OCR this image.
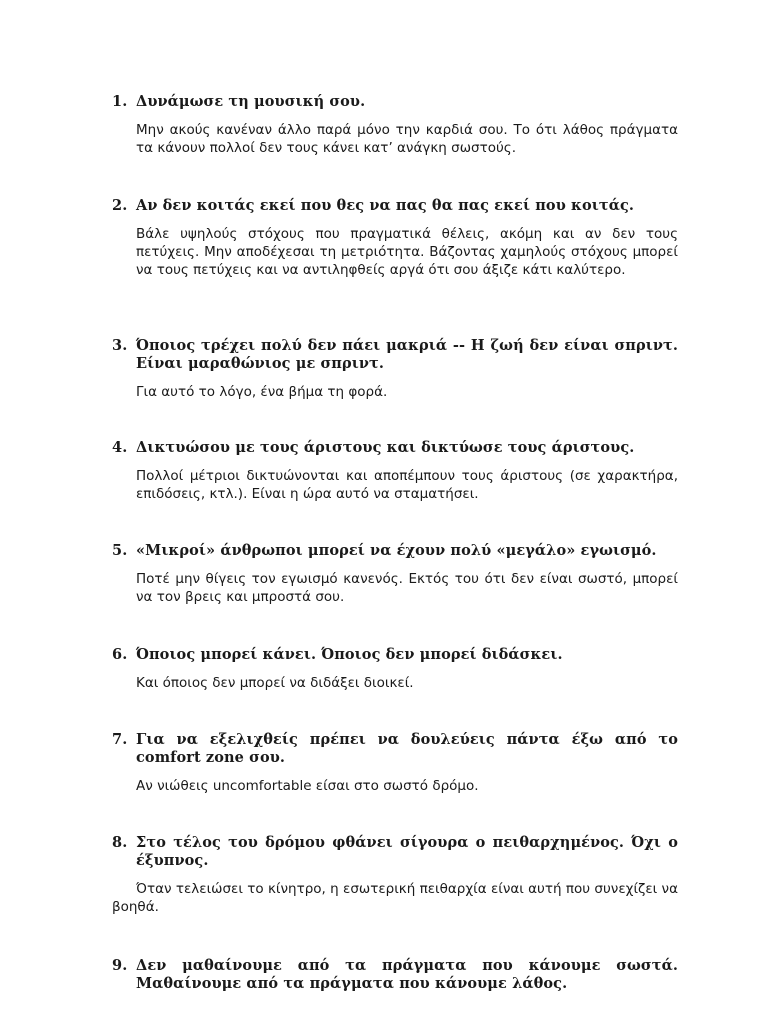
1. Δυνάμωσε τη μουσική σου.
Μην ακούς κανέναν άλλο παρά μόνο την καρδιά σου. Το ότι λάθος πράγματα τα κάνουν πολλοί δεν τους κάνει κατ’ ανάγκη σωστούς.
2. Αν δεν κοιτάς εκεί που θες να πας θα πας εκεί που κοιτάς.
Βάλε υψηλούς στόχους που πραγματικά θέλεις, ακόμη και αν δεν τους πετύχεις. Μην αποδέχεσαι τη μετριότητα. Βάζοντας χαμηλούς στόχους μπορεί να τους πετύχεις και να αντιληφθείς αργά ότι σου άξιζε κάτι καλύτερο.
3. Όποιος τρέχει πολύ δεν πάει μακριά -- Η ζωή δεν είναι σπριντ. Είναι μαραθώνιος με σπριντ.
Για αυτό το λόγο, ένα βήμα τη φορά.
4. Δικτυώσου με τους άριστους και δικτύωσε τους άριστους.
Πολλοί μέτριοι δικτυώνονται και αποπέμπουν τους άριστους (σε χαρακτήρα, επιδόσεις, κτλ.). Είναι η ώρα αυτό να σταματήσει.
5. «Μικροί» άνθρωποι μπορεί να έχουν πολύ «μεγάλο» εγωισμό.
Ποτέ μην θίγεις τον εγωισμό κανενός. Εκτός του ότι δεν είναι σωστό, μπορεί να τον βρεις και μπροστά σου.
6. Όποιος μπορεί κάνει. Όποιος δεν μπορεί διδάσκει.
Και όποιος δεν μπορεί να διδάξει διοικεί.
7. Για να εξελιχθείς πρέπει να δουλεύεις πάντα έξω από το comfort zone σου.
Αν νιώθεις uncomfortable είσαι στο σωστό δρόμο.
8. Στο τέλος του δρόμου φθάνει σίγουρα ο πειθαρχημένος. Όχι ο έξυπνος.
Όταν τελειώσει το κίνητρο, η εσωτερική πειθαρχία είναι αυτή που συνεχίζει να βοηθά.
9. Δεν μαθαίνουμε από τα πράγματα που κάνουμε σωστά. Μαθαίνουμε από τα πράγματα που κάνουμε λάθος.
